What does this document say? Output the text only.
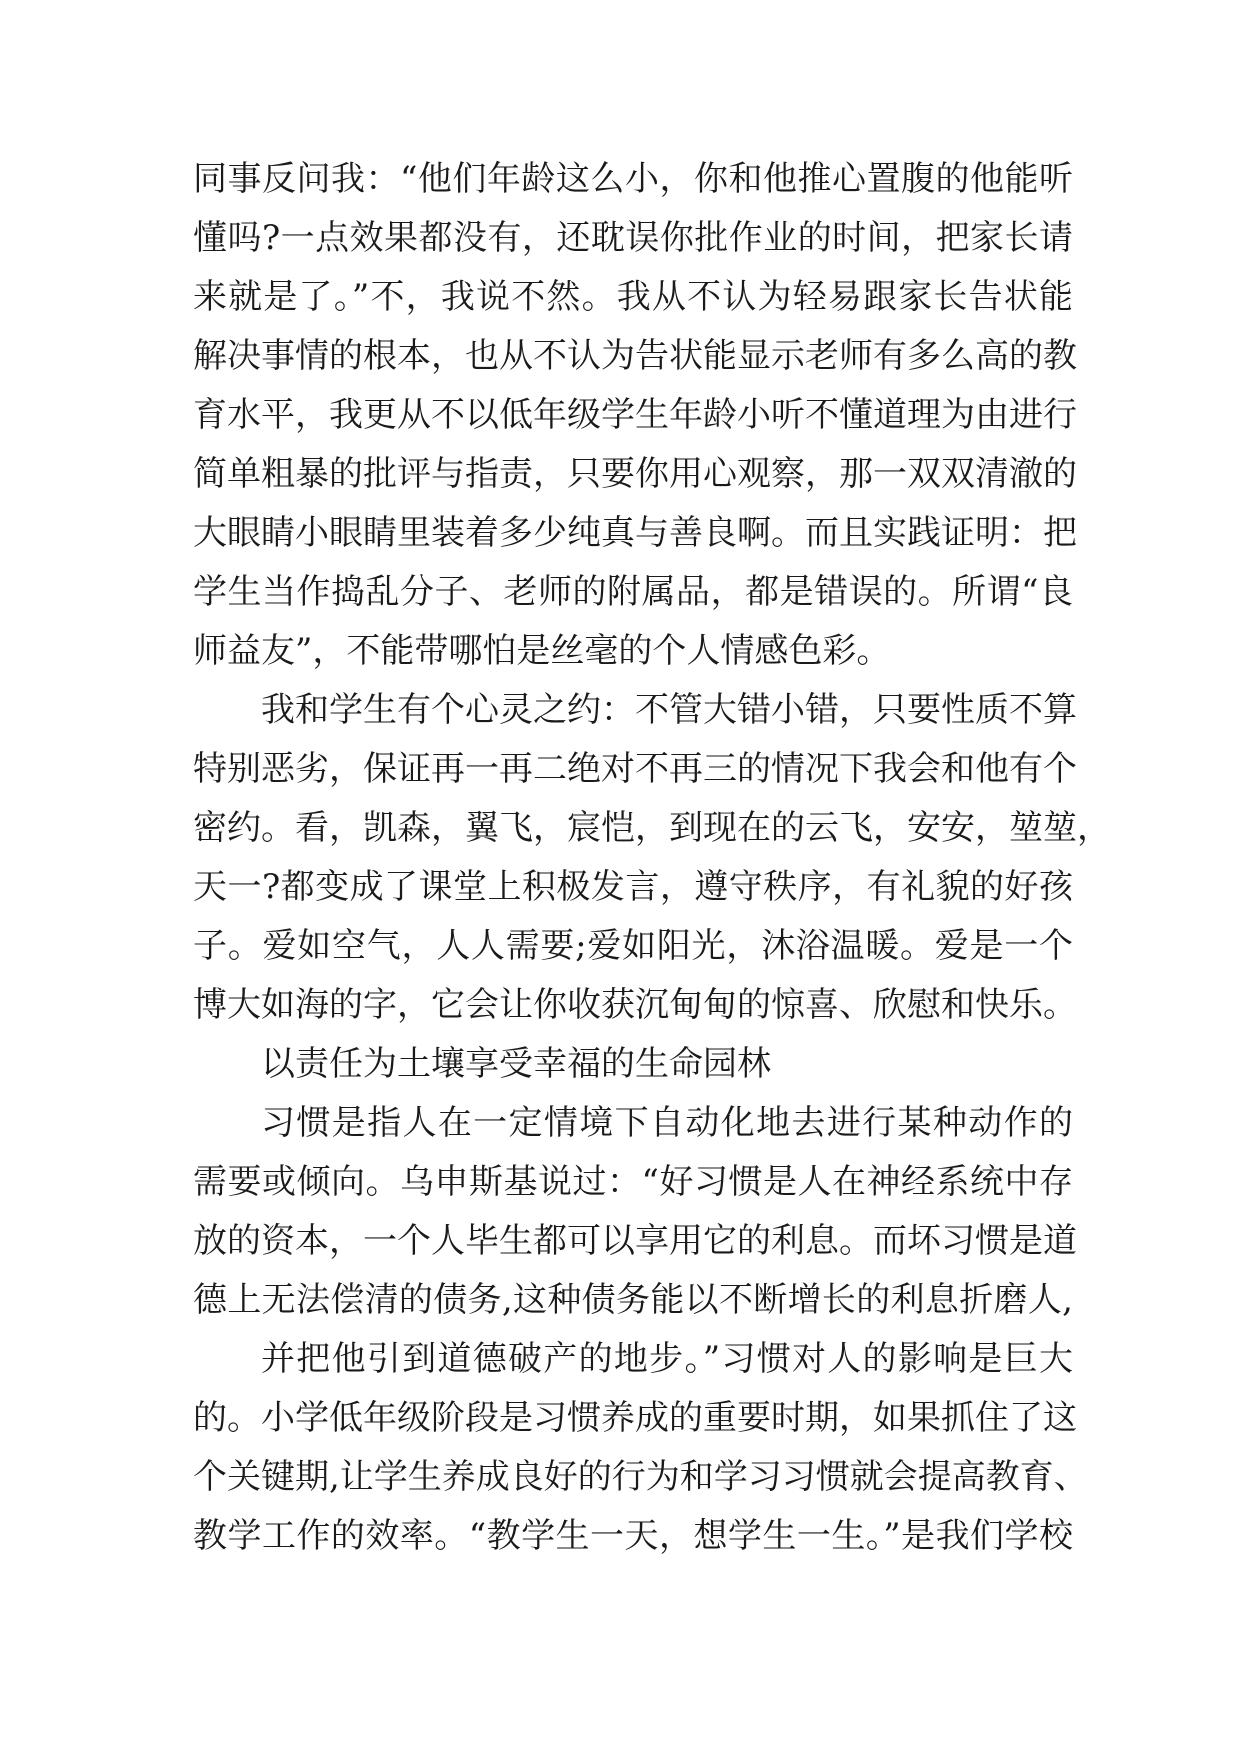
同事反问我：“他们年龄这么小，你和他推心置腹的他能听
懂吗?一点效果都没有，还耽误你批作业的时间，把家长请
来就是了。”不，我说不然。我从不认为轻易跟家长告状能
解决事情的根本，也从不认为告状能显示老师有多么高的教
育水平，我更从不以低年级学生年龄小听不懂道理为由进行
简单粗暴的批评与指责，只要你用心观察，那一双双清澈的
大眼睛小眼睛里装着多少纯真与善良啊。而且实践证明：把
学生当作捣乱分子、老师的附属品，都是错误的。所谓“良
师益友”，不能带哪怕是丝毫的个人情感色彩。
我和学生有个心灵之约：不管大错小错，只要性质不算
特别恶劣，保证再一再二绝对不再三的情况下我会和他有个
密约。看，凯森，翼飞，宸恺，到现在的云飞，安安，堃堃，
天一?都变成了课堂上积极发言，遵守秩序，有礼貌的好孩
子。爱如空气，人人需要;爱如阳光，沐浴温暖。爱是一个
博大如海的字，它会让你收获沉甸甸的惊喜、欣慰和快乐。
以责任为土壤享受幸福的生命园林
习惯是指人在一定情境下自动化地去进行某种动作的
需要或倾向。乌申斯基说过：“好习惯是人在神经系统中存
放的资本，一个人毕生都可以享用它的利息。而坏习惯是道
德上无法偿清的债务,这种债务能以不断增长的利息折磨人,
并把他引到道德破产的地步。”习惯对人的影响是巨大
的。小学低年级阶段是习惯养成的重要时期，如果抓住了这
个关键期,让学生养成良好的行为和学习习惯就会提高教育、
教学工作的效率。“教学生一天，想学生一生。”是我们学校
